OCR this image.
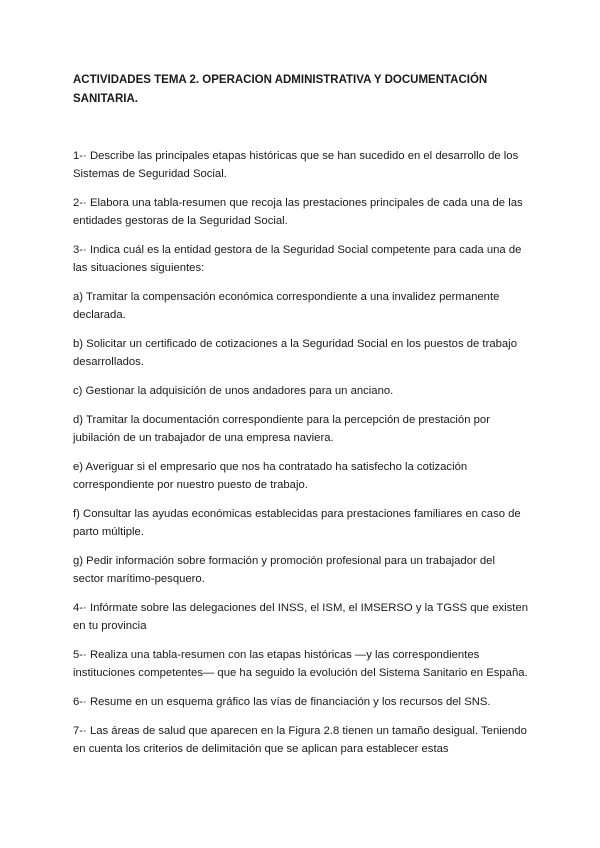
ACTIVIDADES TEMA 2. OPERACION ADMINISTRATIVA Y DOCUMENTACIÓN SANITARIA.
1-· Describe las principales etapas históricas que se han sucedido en el desarrollo de los Sistemas de Seguridad Social.
2-· Elabora una tabla-resumen que recoja las prestaciones principales de cada una de las entidades gestoras de la Seguridad Social.
3-· Indica cuál es la entidad gestora de la Seguridad Social competente para cada una de las situaciones siguientes:
a) Tramitar la compensación económica correspondiente a una invalidez permanente declarada.
b) Solicitar un certificado de cotizaciones a la Seguridad Social en los puestos de trabajo desarrollados.
c) Gestionar la adquisición de unos andadores para un anciano.
d) Tramitar la documentación correspondiente para la percepción de prestación por jubilación de un trabajador de una empresa naviera.
e) Averiguar si el empresario que nos ha contratado ha satisfecho la cotización correspondiente por nuestro puesto de trabajo.
f) Consultar las ayudas económicas establecidas para prestaciones familiares en caso de parto múltiple.
g) Pedir información sobre formación y promoción profesional para un trabajador del sector marítimo-pesquero.
4-· Infórmate sobre las delegaciones del INSS, el ISM, el IMSERSO y la TGSS que existen en tu provincia
5-· Realiza una tabla-resumen con las etapas históricas —y las correspondientes instituciones competentes— que ha seguido la evolución del Sistema Sanitario en España.
6-· Resume en un esquema gráfico las vías de financiación y los recursos del SNS.
7-· Las áreas de salud que aparecen en la Figura 2.8 tienen un tamaño desigual. Teniendo en cuenta los criterios de delimitación que se aplican para establecer estas
